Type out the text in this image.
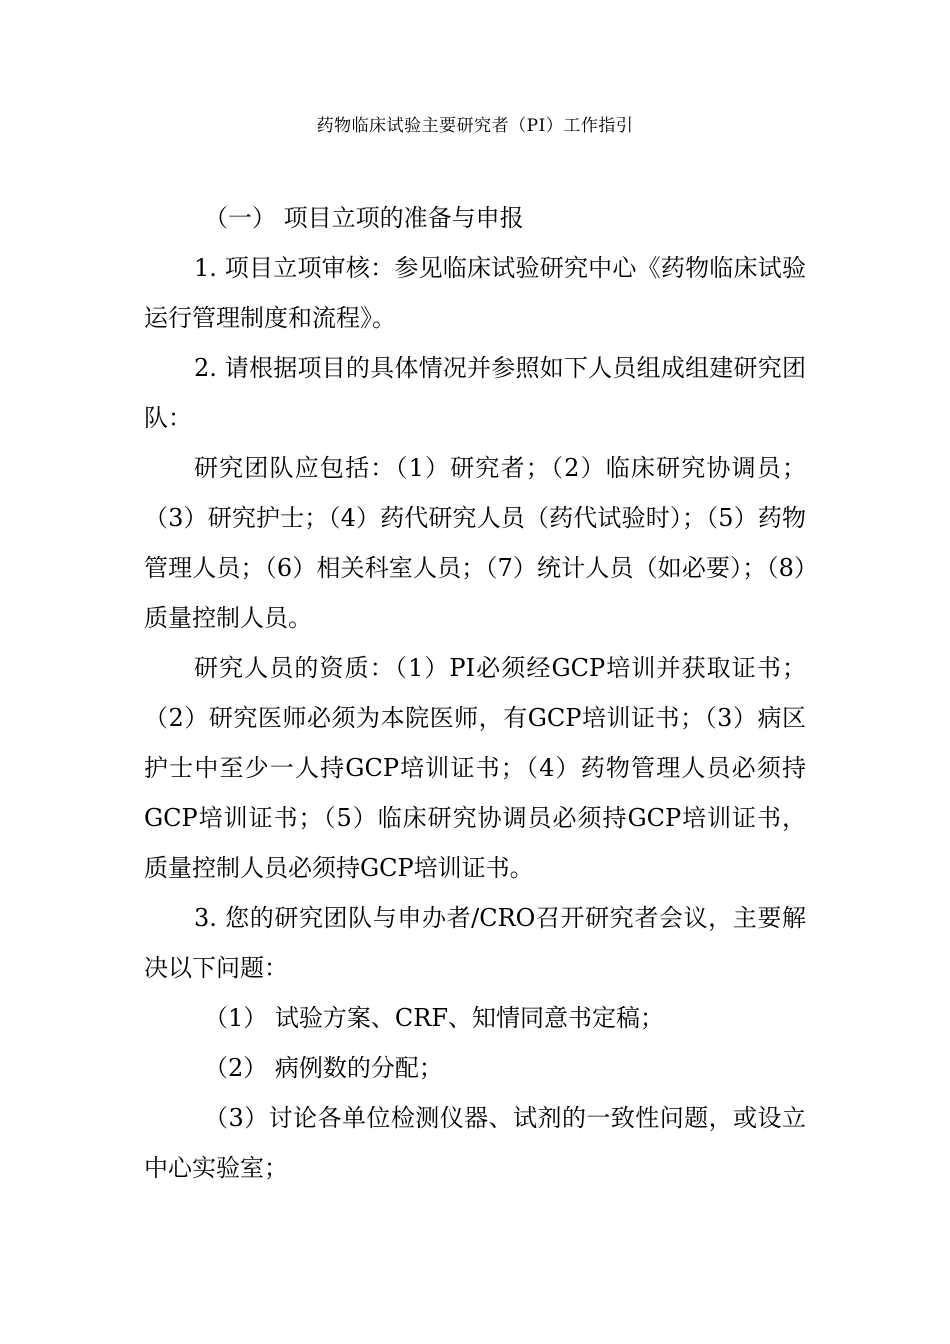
药物临床试验主要研究者（PI）工作指引

（一） 项目立项的准备与申报

1. 项目立项审核：参见临床试验研究中心《药物临床试验运行管理制度和流程》。

2. 请根据项目的具体情况并参照如下人员组成组建研究团队：

研究团队应包括：（1）研究者；（2）临床研究协调员；（3）研究护士；（4）药代研究人员（药代试验时）；（5）药物管理人员；（6）相关科室人员；（7）统计人员（如必要）；（8）质量控制人员。

研究人员的资质：（1）PI必须经GCP培训并获取证书；（2）研究医师必须为本院医师，有GCP培训证书；（3）病区护士中至少一人持GCP培训证书；（4）药物管理人员必须持GCP培训证书；（5）临床研究协调员必须持GCP培训证书，质量控制人员必须持GCP培训证书。

3. 您的研究团队与申办者/CRO召开研究者会议，主要解决以下问题：

（1） 试验方案、CRF、知情同意书定稿；

（2） 病例数的分配；

（3）讨论各单位检测仪器、试剂的一致性问题，或设立中心实验室；
